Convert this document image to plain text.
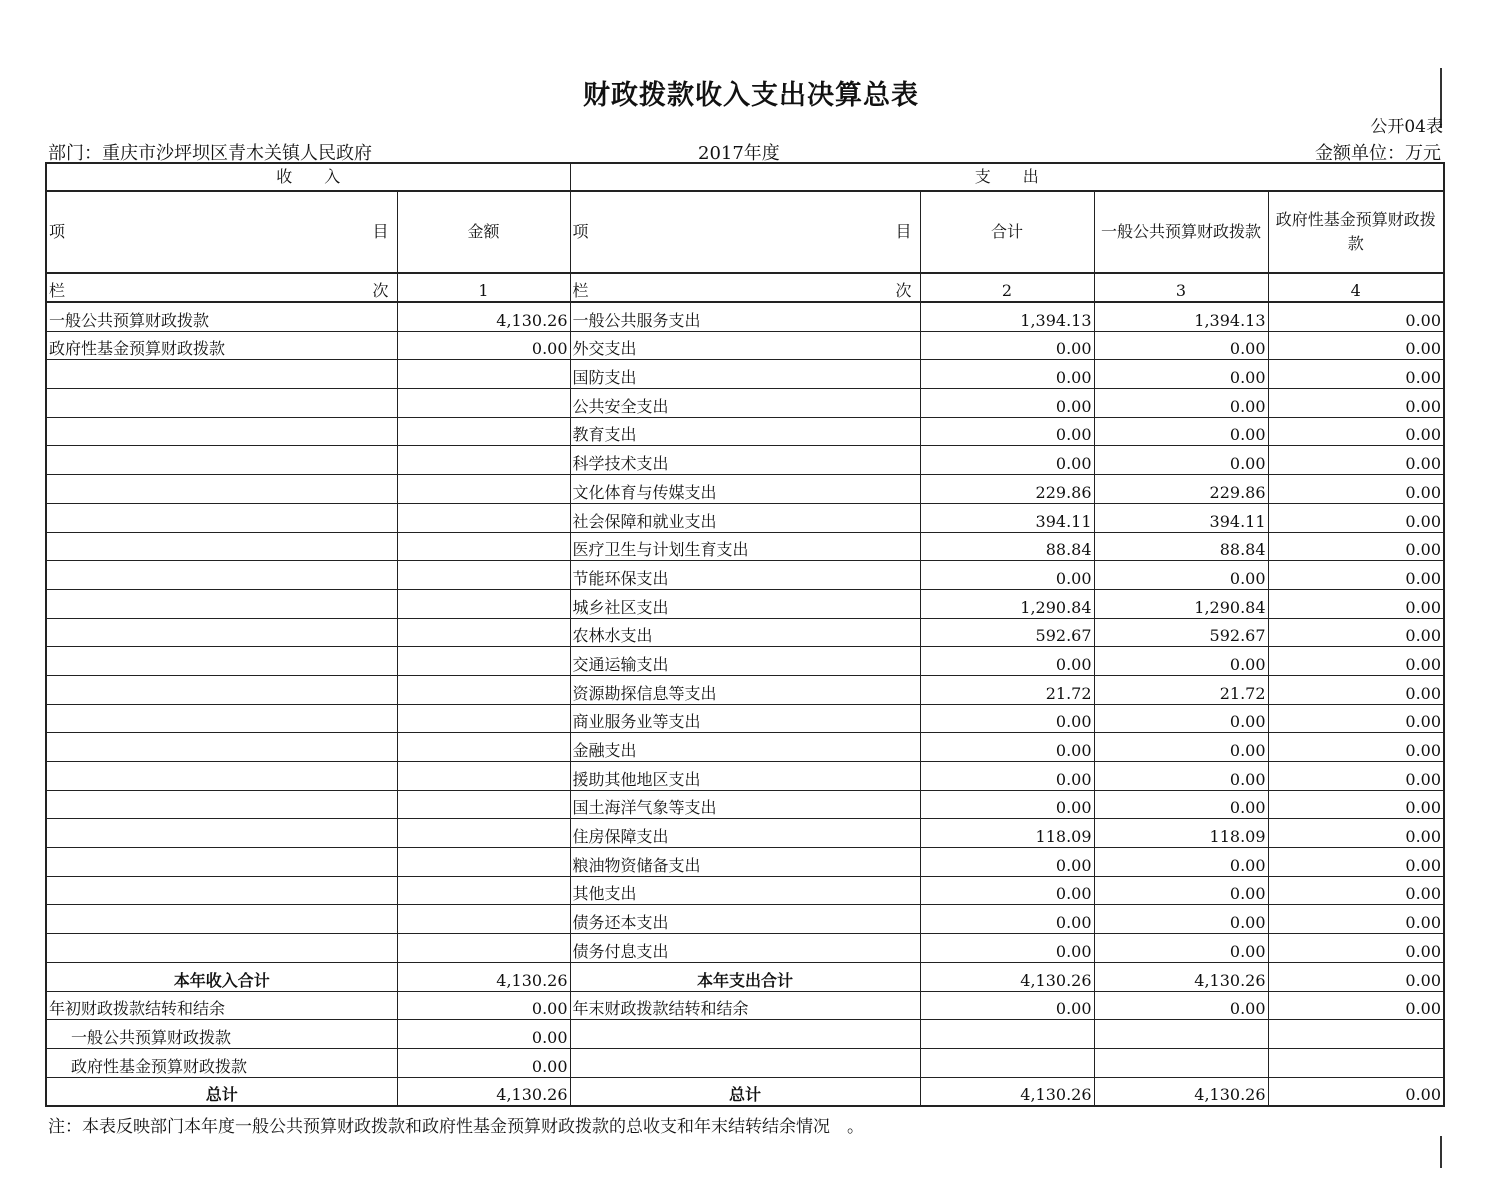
财政拨款收入支出决算总表
公开04表
部门：重庆市沙坪坝区青木关镇人民政府	2017年度	金额单位：万元
收　　入		支　　出			

项 目	金额	项 目	合计	一般公共预算财政拨款	政府性基金预算财政拨款

栏 次	1	栏 次	2	3	4
一般公共预算财政拨款	4,130.26	一般公共服务支出	1,394.13	1,394.13	0.00
政府性基金预算财政拨款	0.00	外交支出	0.00	0.00	0.00
		国防支出	0.00	0.00	0.00
		公共安全支出	0.00	0.00	0.00
		教育支出	0.00	0.00	0.00
		科学技术支出	0.00	0.00	0.00
		文化体育与传媒支出	229.86	229.86	0.00
		社会保障和就业支出	394.11	394.11	0.00
		医疗卫生与计划生育支出	88.84	88.84	0.00
		节能环保支出	0.00	0.00	0.00
		城乡社区支出	1,290.84	1,290.84	0.00
		农林水支出	592.67	592.67	0.00
		交通运输支出	0.00	0.00	0.00
		资源勘探信息等支出	21.72	21.72	0.00
		商业服务业等支出	0.00	0.00	0.00
		金融支出	0.00	0.00	0.00
		援助其他地区支出	0.00	0.00	0.00
		国土海洋气象等支出	0.00	0.00	0.00
		住房保障支出	118.09	118.09	0.00
		粮油物资储备支出	0.00	0.00	0.00
		其他支出	0.00	0.00	0.00
		债务还本支出	0.00	0.00	0.00
		债务付息支出	0.00	0.00	0.00
本年收入合计	4,130.26	本年支出合计	4,130.26	4,130.26	0.00
年初财政拨款结转和结余	0.00	年末财政拨款结转和结余	0.00	0.00	0.00
一般公共预算财政拨款	0.00				
政府性基金预算财政拨款	0.00				
总计	4,130.26	总计	4,130.26	4,130.26	0.00
注：本表反映部门本年度一般公共预算财政拨款和政府性基金预算财政拨款的总收支和年末结转结余情况　。
